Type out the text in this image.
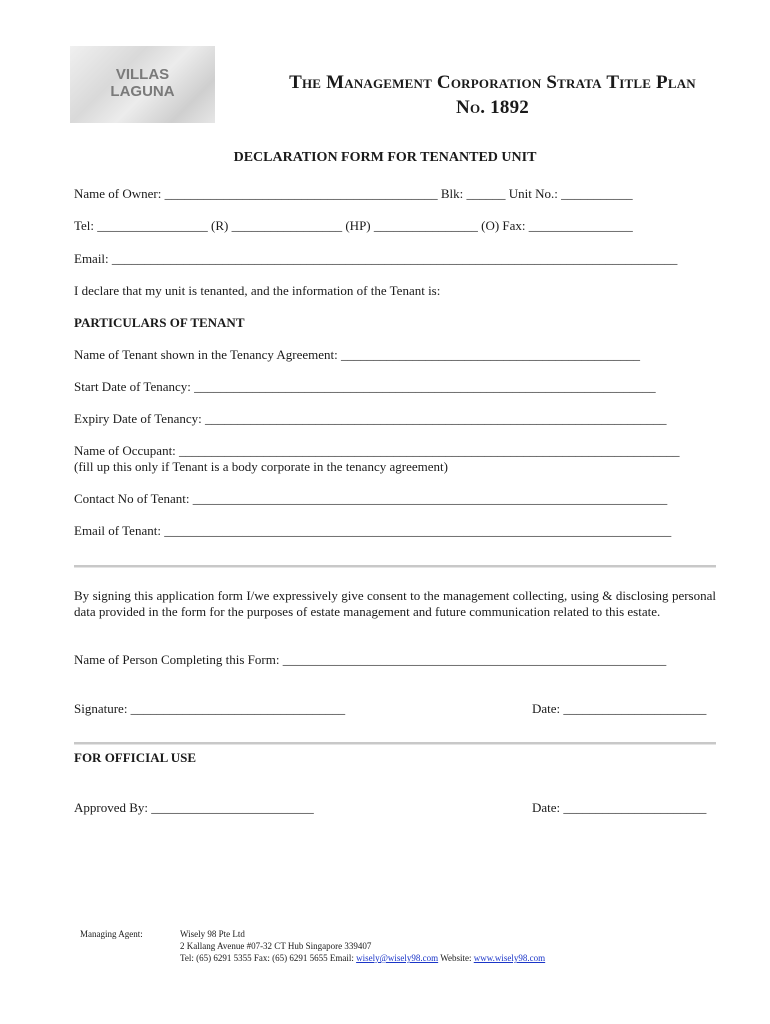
VILLAS
LAGUNA	The Management Corporation Strata Title Plan
No. 1892
DECLARATION FORM FOR TENANTED UNIT
Name of Owner: __________________________________________ Blk: ______ Unit No.: ___________
Tel: _________________ (R) _________________ (HP) ________________ (O) Fax: ________________
Email: _______________________________________________________________________________________
I declare that my unit is tenanted, and the information of the Tenant is:
PARTICULARS OF TENANT
Name of Tenant shown in the Tenancy Agreement: ______________________________________________
Start Date of Tenancy: _______________________________________________________________________
Expiry Date of Tenancy: _______________________________________________________________________
Name of Occupant: _____________________________________________________________________________
(fill up this only if Tenant is a body corporate in the tenancy agreement)
Contact No of Tenant: _________________________________________________________________________
Email of Tenant: ______________________________________________________________________________
By signing this application form I/we expressively give consent to the management collecting, using & disclosing personal data provided in the form for the purposes of estate management and future communication related to this estate.
Name of Person Completing this Form: ___________________________________________________________
Signature: _________________________________	Date: ______________________
FOR OFFICIAL USE
Approved By: _________________________	Date: ______________________
Managing Agent:	Wisely 98 Pte Ltd
2 Kallang Avenue #07-32 CT Hub Singapore 339407
Tel: (65) 6291 5355 Fax: (65) 6291 5655 Email: wisely@wisely98.com Website: www.wisely98.com
